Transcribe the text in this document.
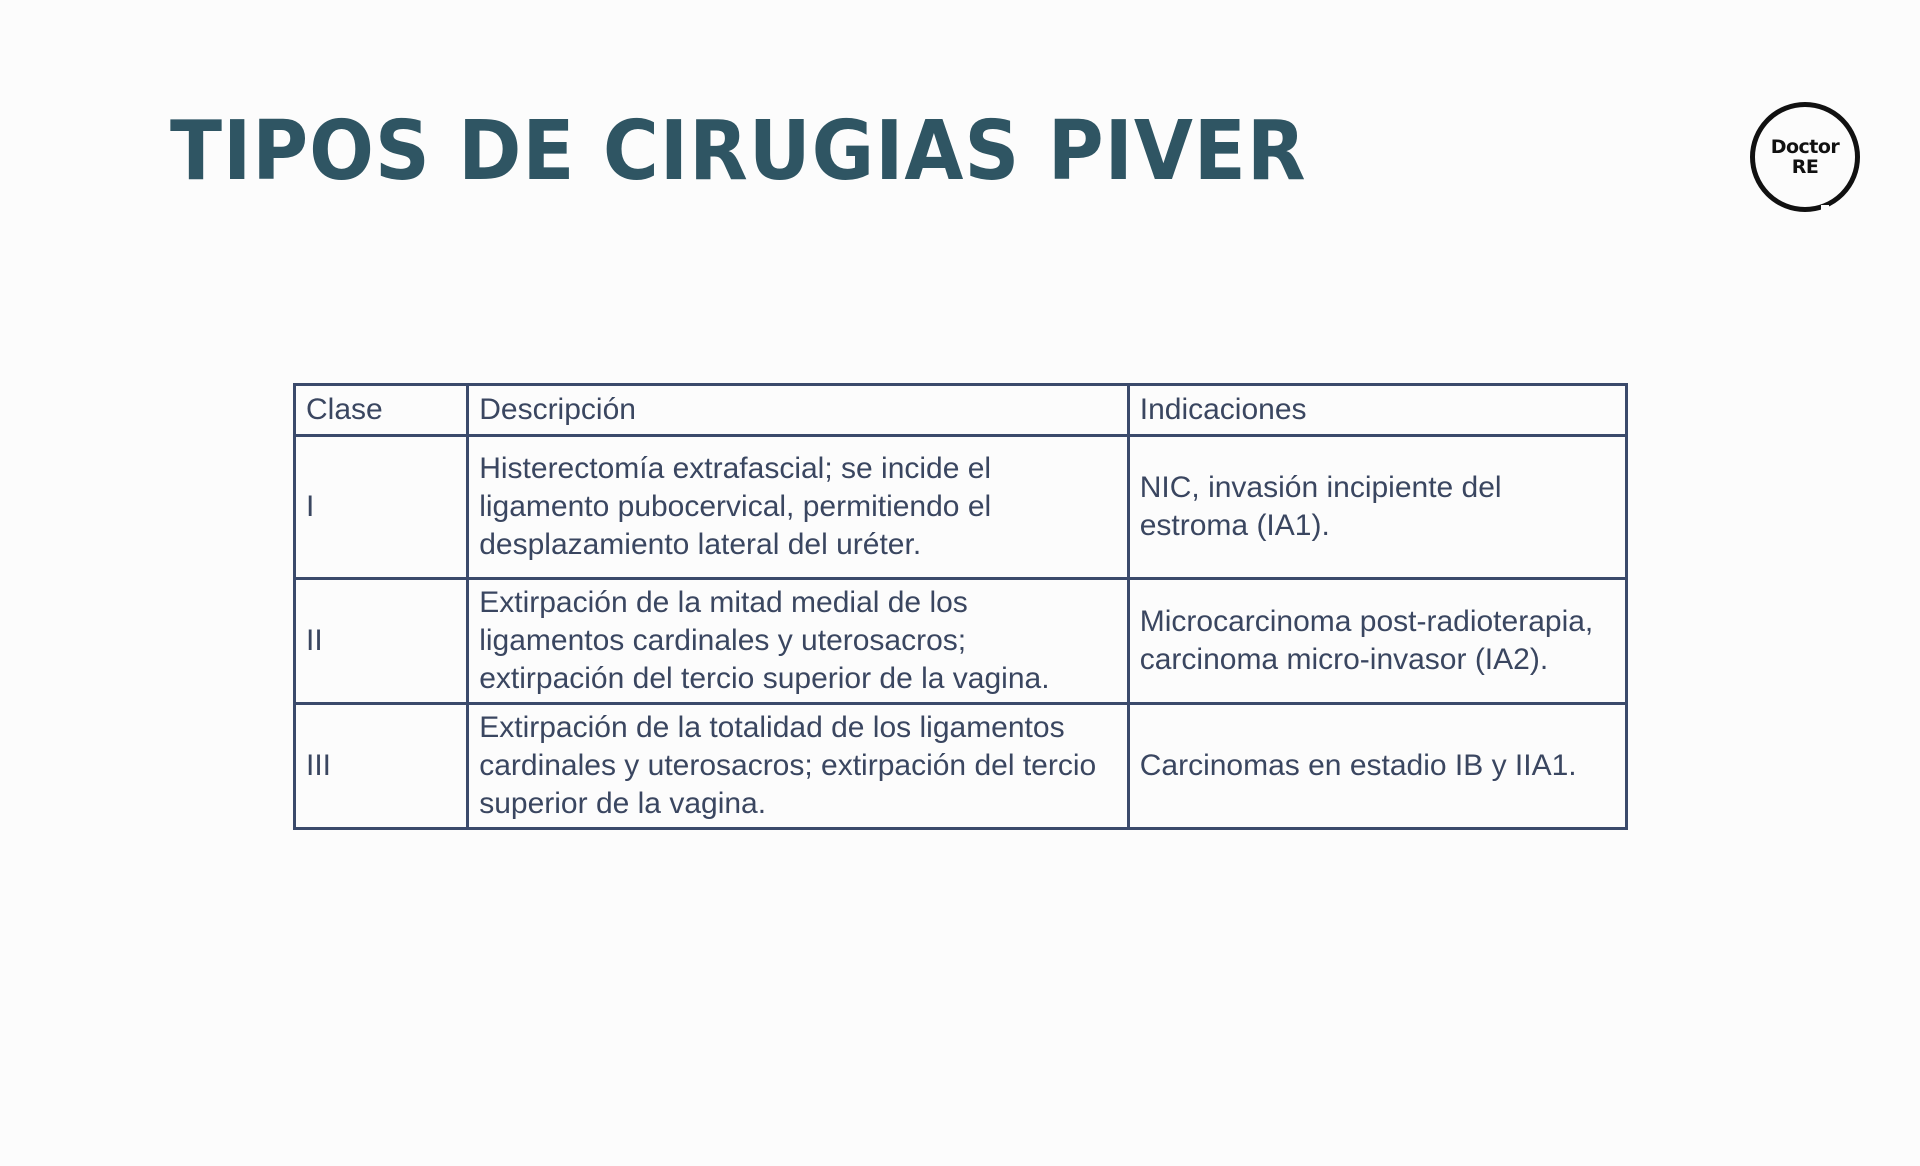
TIPOS DE CIRUGIAS PIVER	Doctor
RE
Clase	Descripción	Indicaciones
I	Histerectomía extrafascial; se incide el ligamento pubocervical, permitiendo el desplazamiento lateral del uréter.	NIC, invasión incipiente del estroma (IA1).
II	Extirpación de la mitad medial de los ligamentos cardinales y uterosacros; extirpación del tercio superior de la vagina.	Microcarcinoma post-radioterapia, carcinoma micro-invasor (IA2).
III	Extirpación de la totalidad de los ligamentos cardinales y uterosacros; extirpación del tercio superior de la vagina.	Carcinomas en estadio IB y IIA1.
